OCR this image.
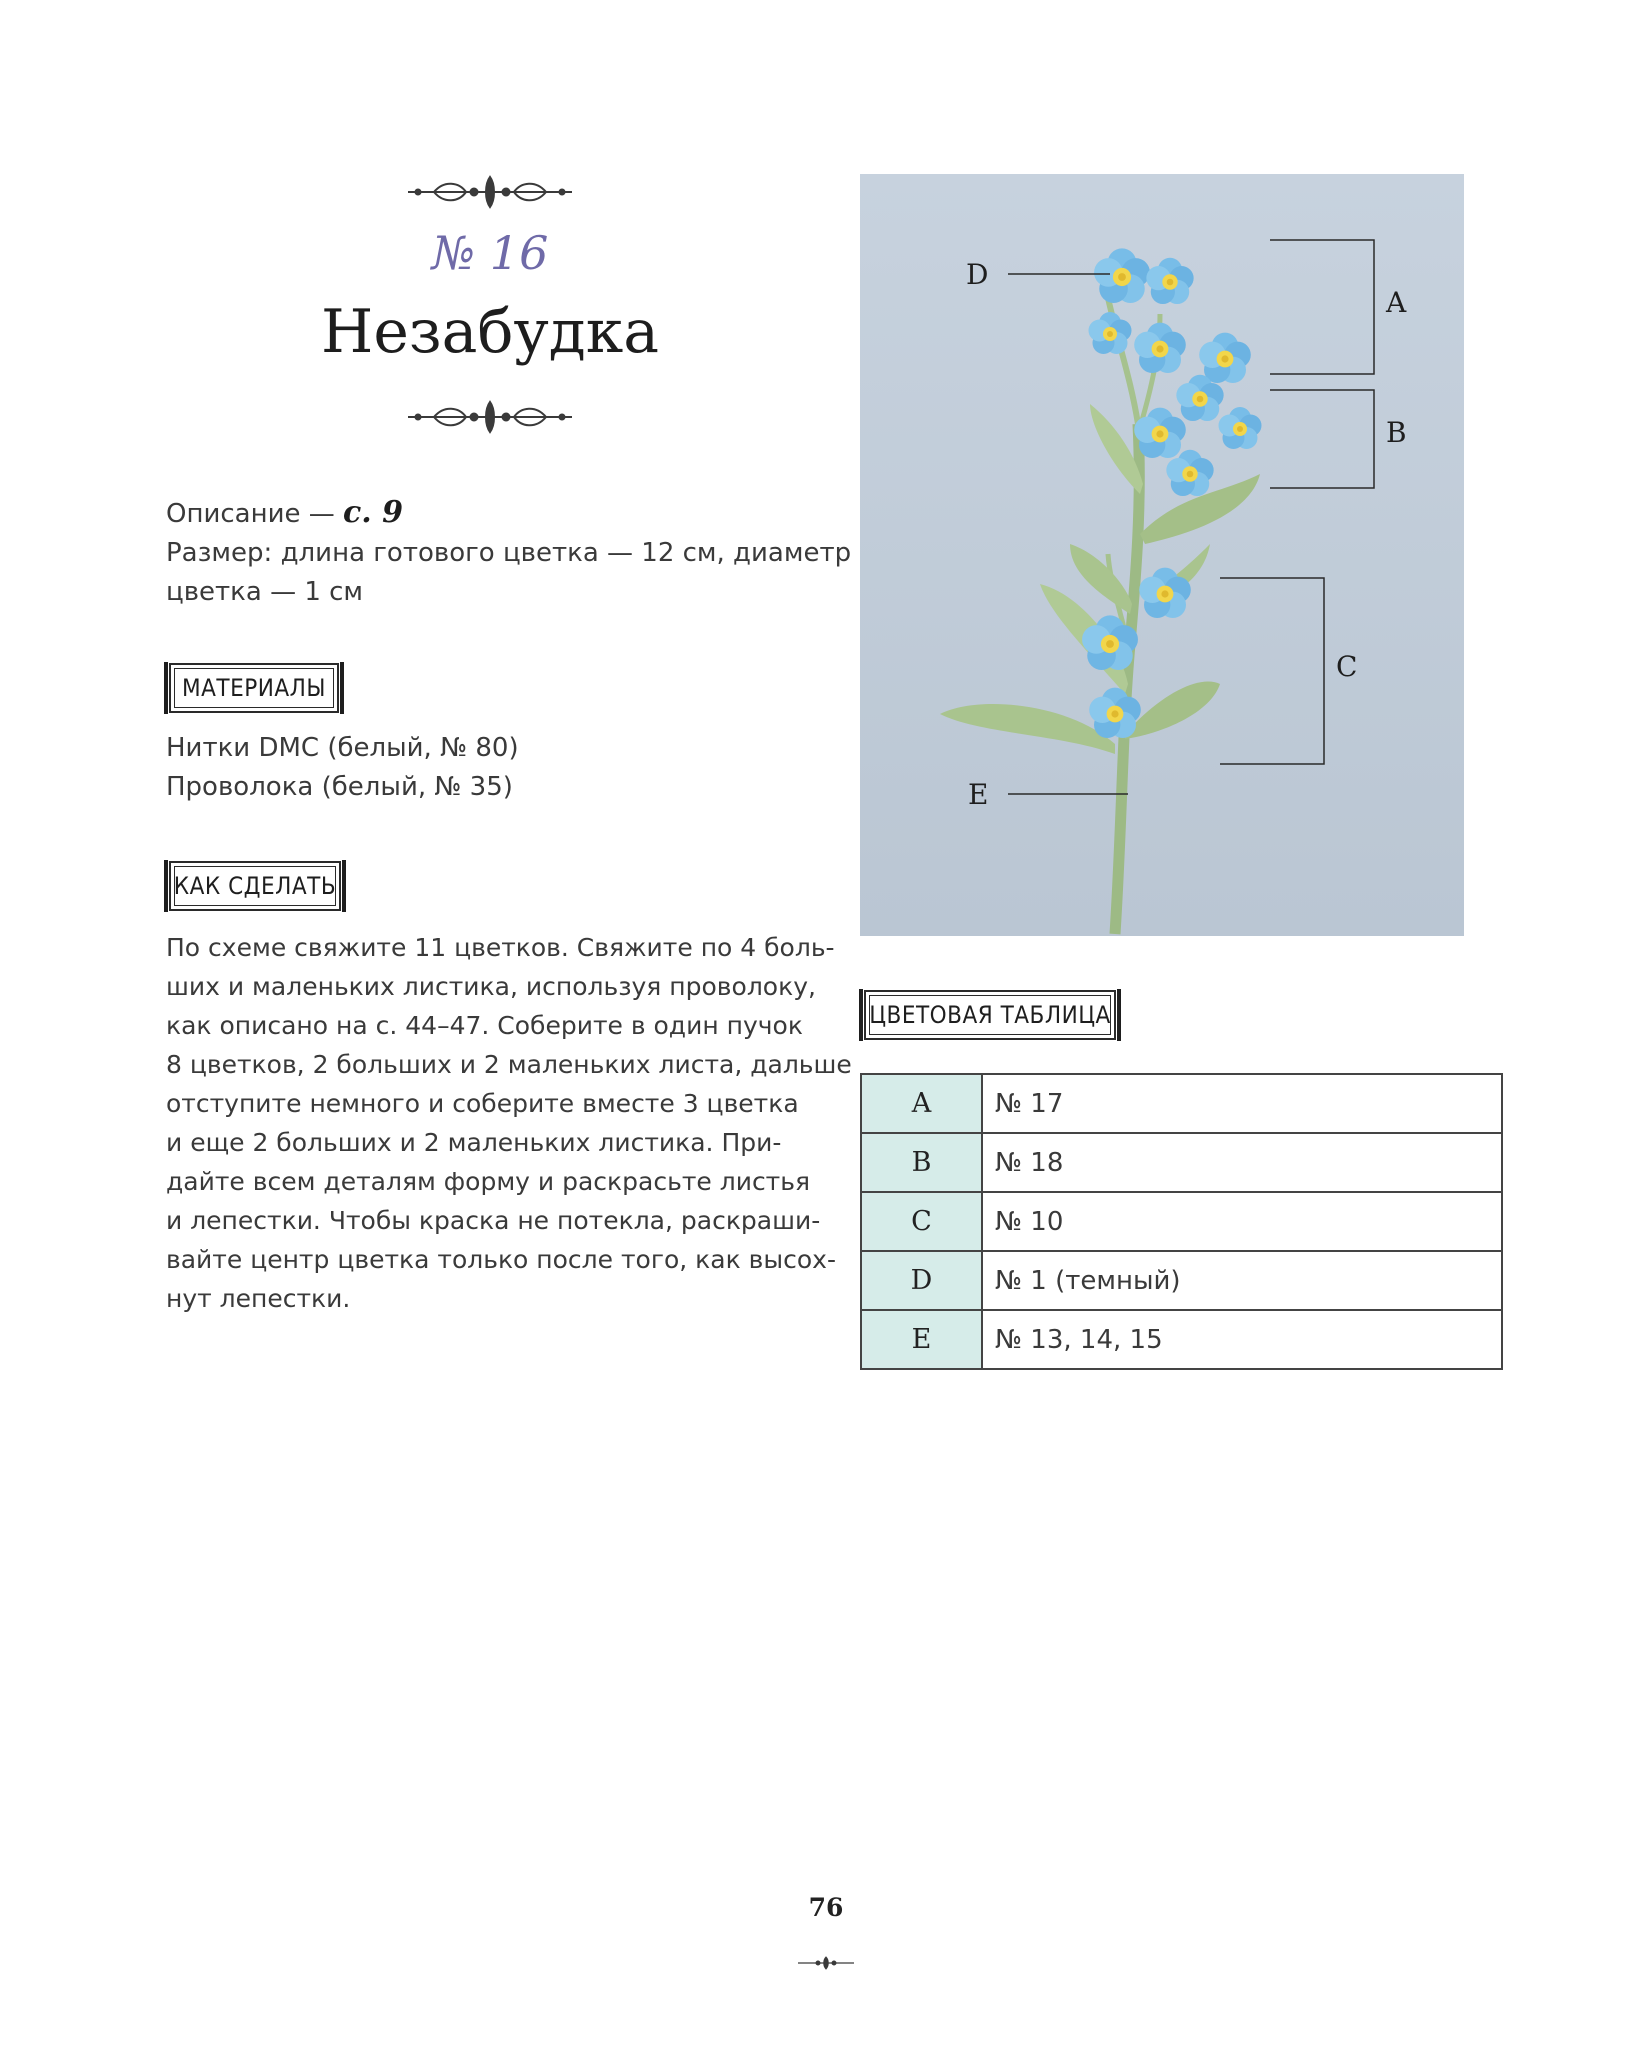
№ 16
Незабудка
Описание — с. 9
Размер: длина готового цветка — 12 см, диаметр
цветка — 1 см
МАТЕРИАЛЫ
Нитки DMC (белый, № 80)
Проволока (белый, № 35)
КАК СДЕЛАТЬ
По схеме свяжите 11 цветков. Свяжите по 4 боль-
ших и маленьких листика, используя проволоку,
как описано на с. 44–47. Соберите в один пучок
8 цветков, 2 больших и 2 маленьких листа, дальше
отступите немного и соберите вместе 3 цветка
и еще 2 больших и 2 маленьких листика. При-
дайте всем деталям форму и раскрасьте листья
и лепестки. Чтобы краска не потекла, раскраши-
вайте центр цветка только после того, как высох-
нут лепестки.
D
E
A
B
C
ЦВЕТОВАЯ ТАБЛИЦА
A	№ 17
B	№ 18
C	№ 10
D	№ 1 (темный)
E	№ 13, 14, 15
76
